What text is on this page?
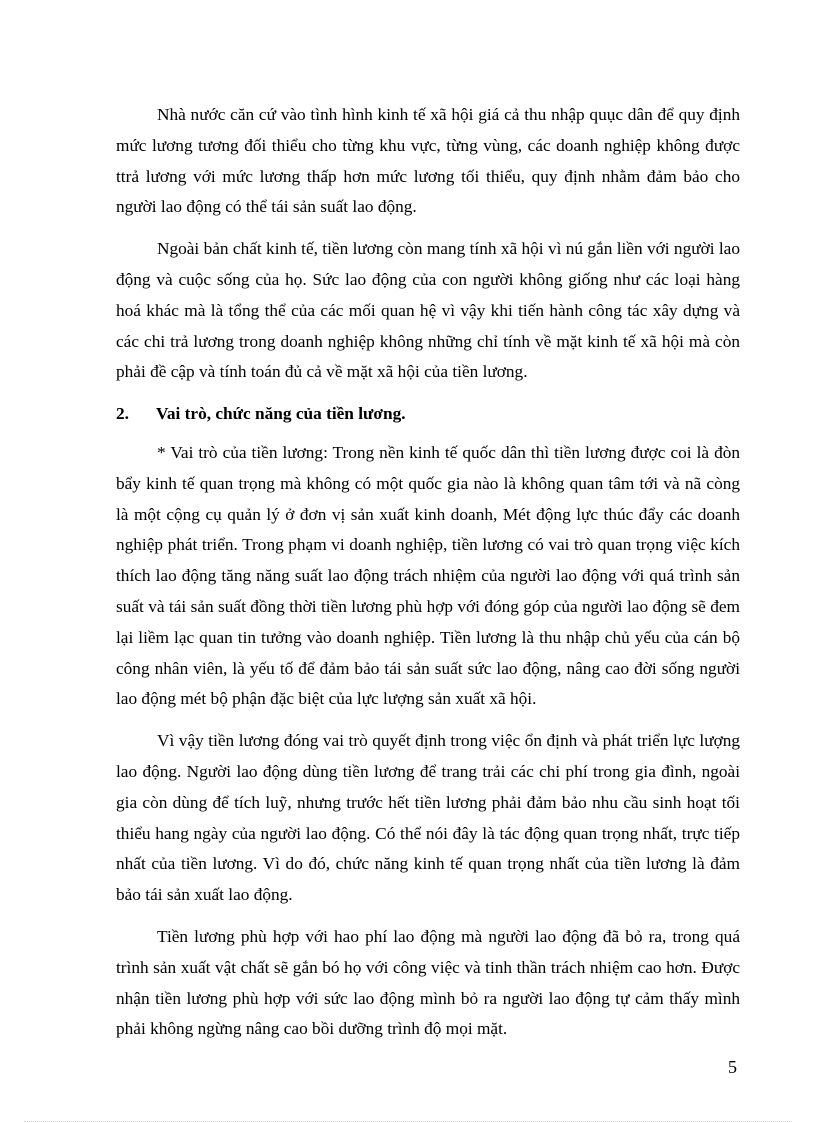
Nhà nước căn cứ vào tình hình kinh tế xã hội giá cả thu nhập quục dân để quy định mức lương tương đối thiểu cho từng khu vực, từng vùng, các doanh nghiệp không được ttrả lương với mức lương thấp hơn mức lương tối thiểu, quy định nhằm đảm bảo cho người lao động có thể tái sản suất lao động.

Ngoài bản chất kinh tế, tiền lương còn mang tính xã hội vì nú gắn liền với người lao động và cuộc sống của họ. Sức lao động của con người không giống như các loại hàng hoá khác mà là tổng thể của các mối quan hệ vì vậy khi tiến hành công tác xây dựng và các chi trả lương trong doanh nghiệp không những chỉ tính về mặt kinh tế xã hội mà còn phải đề cập và tính toán đủ cả về mặt xã hội của tiền lương.

2.	Vai trò, chức năng của tiền lương.

* Vai trò của tiền lương: Trong nền kinh tế quốc dân thì tiền lương được coi là đòn bẩy kinh tế quan trọng mà không có một quốc gia nào là không quan tâm tới và nã còng là một cộng cụ quản lý ở đơn vị sản xuất kinh doanh, Mét động lực thúc đẩy các doanh nghiệp phát triển. Trong phạm vi doanh nghiệp, tiền lương có vai trò quan trọng việc kích thích lao động tăng năng suất lao động trách nhiệm của người lao động với quá trình sản suất và tái sản suất đồng thời tiền lương phù hợp với đóng góp của người lao động sẽ đem lại liềm lạc quan tin tưởng vào doanh nghiệp. Tiền lương là thu nhập chủ yếu của cán bộ công nhân viên, là yếu tố để đảm bảo tái sản suất sức lao động, nâng cao đời sống người lao động mét bộ phận đặc biệt của lực lượng sản xuất xã hội.

Vì vậy tiền lương đóng vai trò quyết định trong việc ổn định và phát triển lực lượng lao động. Người lao động dùng tiền lương để trang trải các chi phí trong gia đình, ngoài gia còn dùng để tích luỹ, nhưng trước hết tiền lương phải đảm bảo nhu cầu sinh hoạt tối thiểu hang ngày của người lao động. Có thể nói đây là tác động quan trọng nhất, trực tiếp nhất của tiền lương. Vì do đó, chức năng kinh tế quan trọng nhất của tiền lương là đảm bảo tái sản xuất lao động.

Tiền lương phù hợp với hao phí lao động mà người lao động đã bỏ ra, trong quá trình sản xuất vật chất sẽ gắn bó họ với công việc và tinh thần trách nhiệm cao hơn. Được nhận tiền lương phù hợp với sức lao động mình bỏ ra người lao động tự cảm thấy mình phải không ngừng nâng cao bồi dưỡng trình độ mọi mặt.

5
